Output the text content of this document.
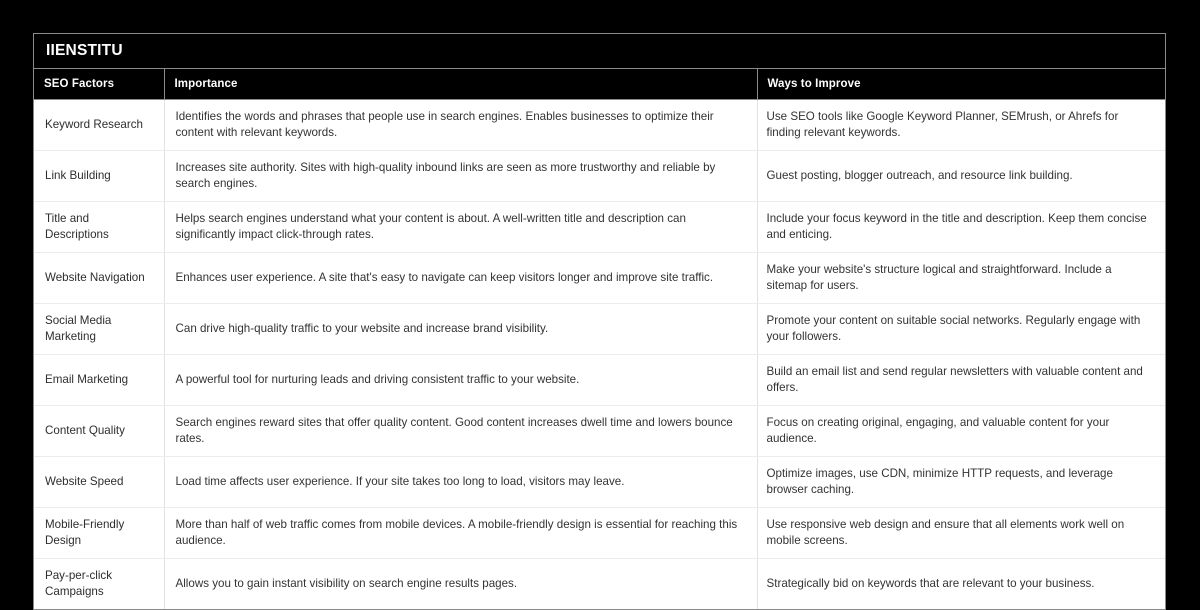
IIENSTITU
SEO Factors	Importance	Ways to Improve
Keyword Research	Identifies the words and phrases that people use in search engines. Enables businesses to optimize their content with relevant keywords.	Use SEO tools like Google Keyword Planner, SEMrush, or Ahrefs for finding relevant keywords.
Link Building	Increases site authority. Sites with high-quality inbound links are seen as more trustworthy and reliable by search engines.	Guest posting, blogger outreach, and resource link building.
Title and Descriptions	Helps search engines understand what your content is about. A well-written title and description can significantly impact click-through rates.	Include your focus keyword in the title and description. Keep them concise and enticing.
Website Navigation	Enhances user experience. A site that's easy to navigate can keep visitors longer and improve site traffic.	Make your website's structure logical and straightforward. Include a sitemap for users.
Social Media Marketing	Can drive high-quality traffic to your website and increase brand visibility.	Promote your content on suitable social networks. Regularly engage with your followers.
Email Marketing	A powerful tool for nurturing leads and driving consistent traffic to your website.	Build an email list and send regular newsletters with valuable content and offers.
Content Quality	Search engines reward sites that offer quality content. Good content increases dwell time and lowers bounce rates.	Focus on creating original, engaging, and valuable content for your audience.
Website Speed	Load time affects user experience. If your site takes too long to load, visitors may leave.	Optimize images, use CDN, minimize HTTP requests, and leverage browser caching.
Mobile-Friendly Design	More than half of web traffic comes from mobile devices. A mobile-friendly design is essential for reaching this audience.	Use responsive web design and ensure that all elements work well on mobile screens.
Pay-per-click Campaigns	Allows you to gain instant visibility on search engine results pages.	Strategically bid on keywords that are relevant to your business.
